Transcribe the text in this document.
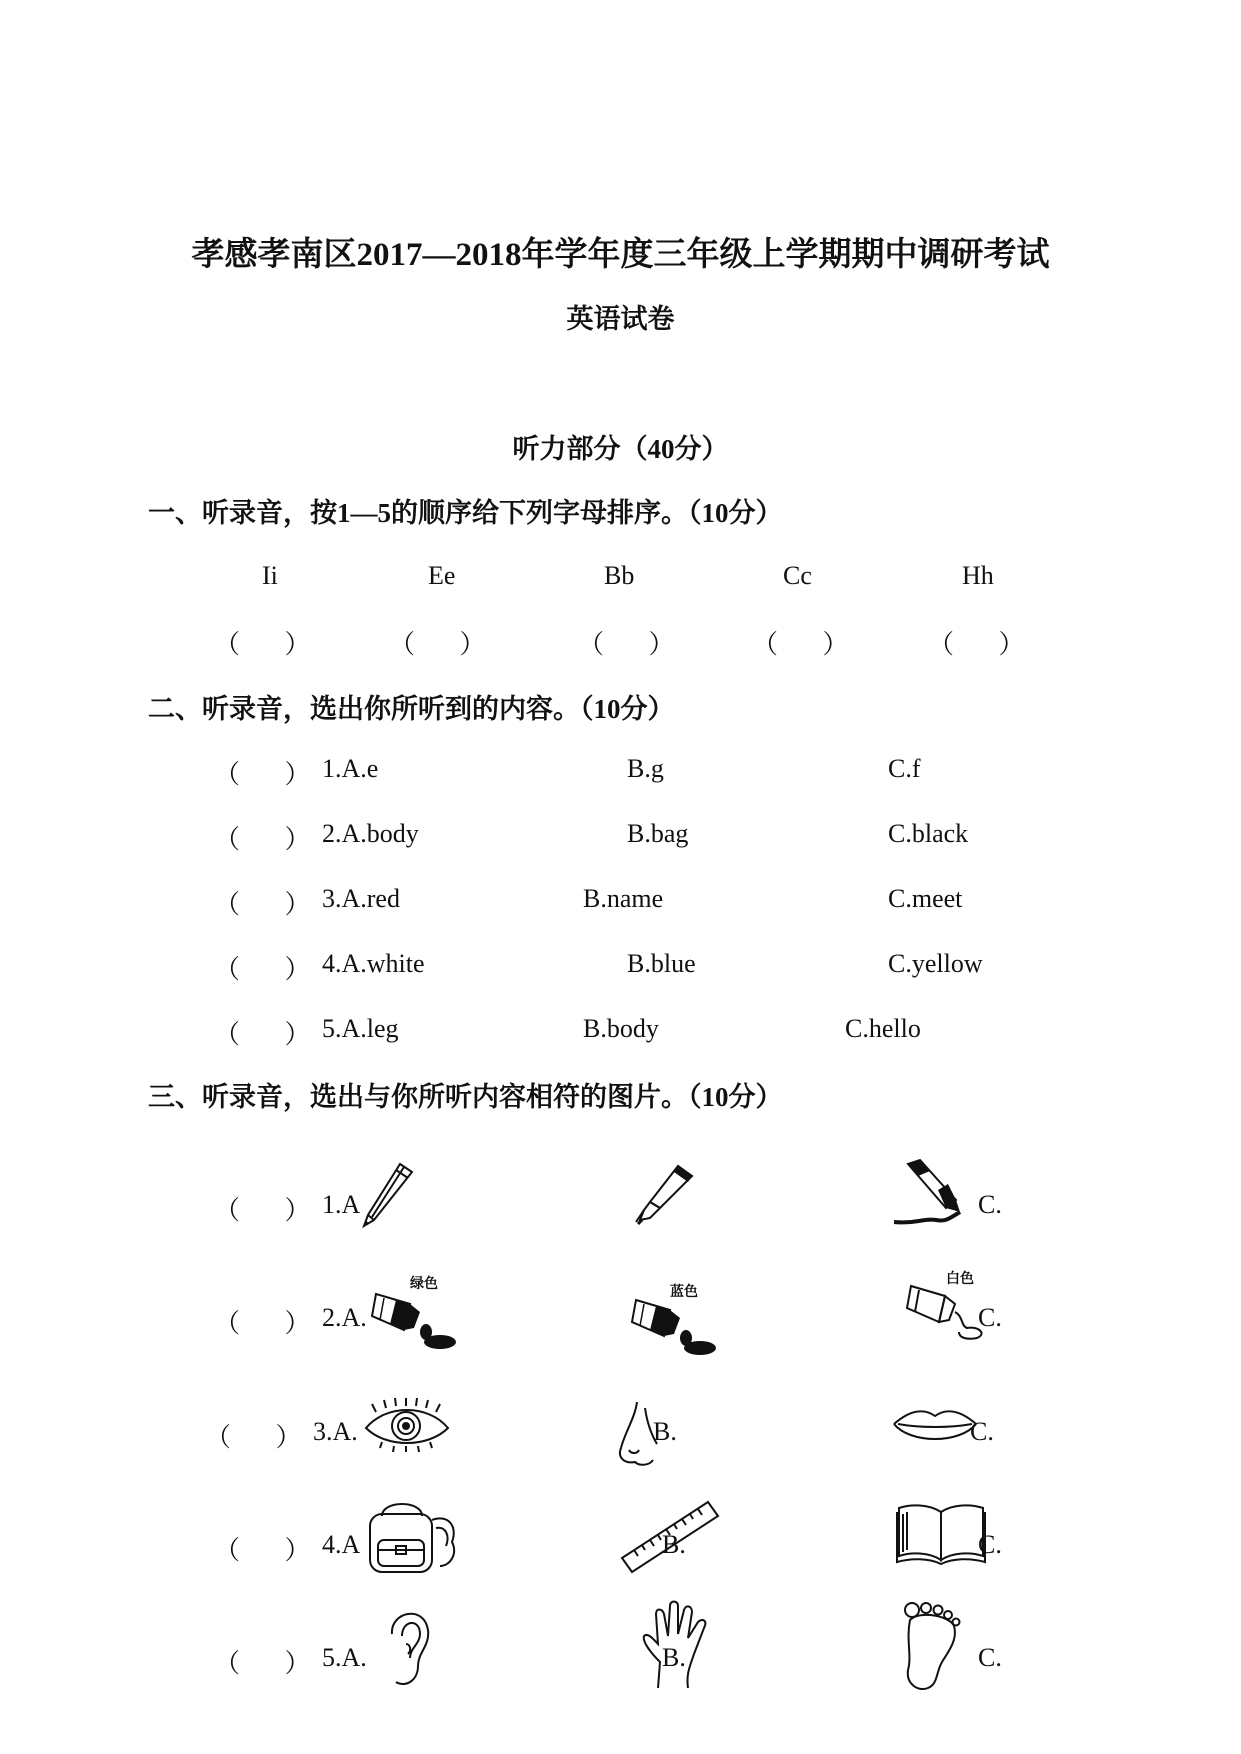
孝感孝南区2017—2018年学年度三年级上学期期中调研考试
英语试卷
听力部分（40分）
一、听录音，按1—5的顺序给下列字母排序。（10分）
Ii	Ee	Bb	Cc	Hh
（ ）	（ ）	（ ）	（ ）	（ ）
二、听录音，选出你所听到的内容。（10分）
（ ） 1.A.e	B.g	C.f
（ ） 2.A.body	B.bag	C.black
（ ） 3.A.red	B.name	C.meet
（ ） 4.A.white	B.blue	C.yellow
（ ） 5.A.leg	B.body	C.hello
三、听录音，选出与你所听内容相符的图片。（10分）
（ ） 1.A	C.
（ ） 2.A.	C.
绿色
蓝色
白色
（ ） 3.A.	B.	C.
（ ） 4.A	B.	C.
（ ） 5.A.	B.	C.
